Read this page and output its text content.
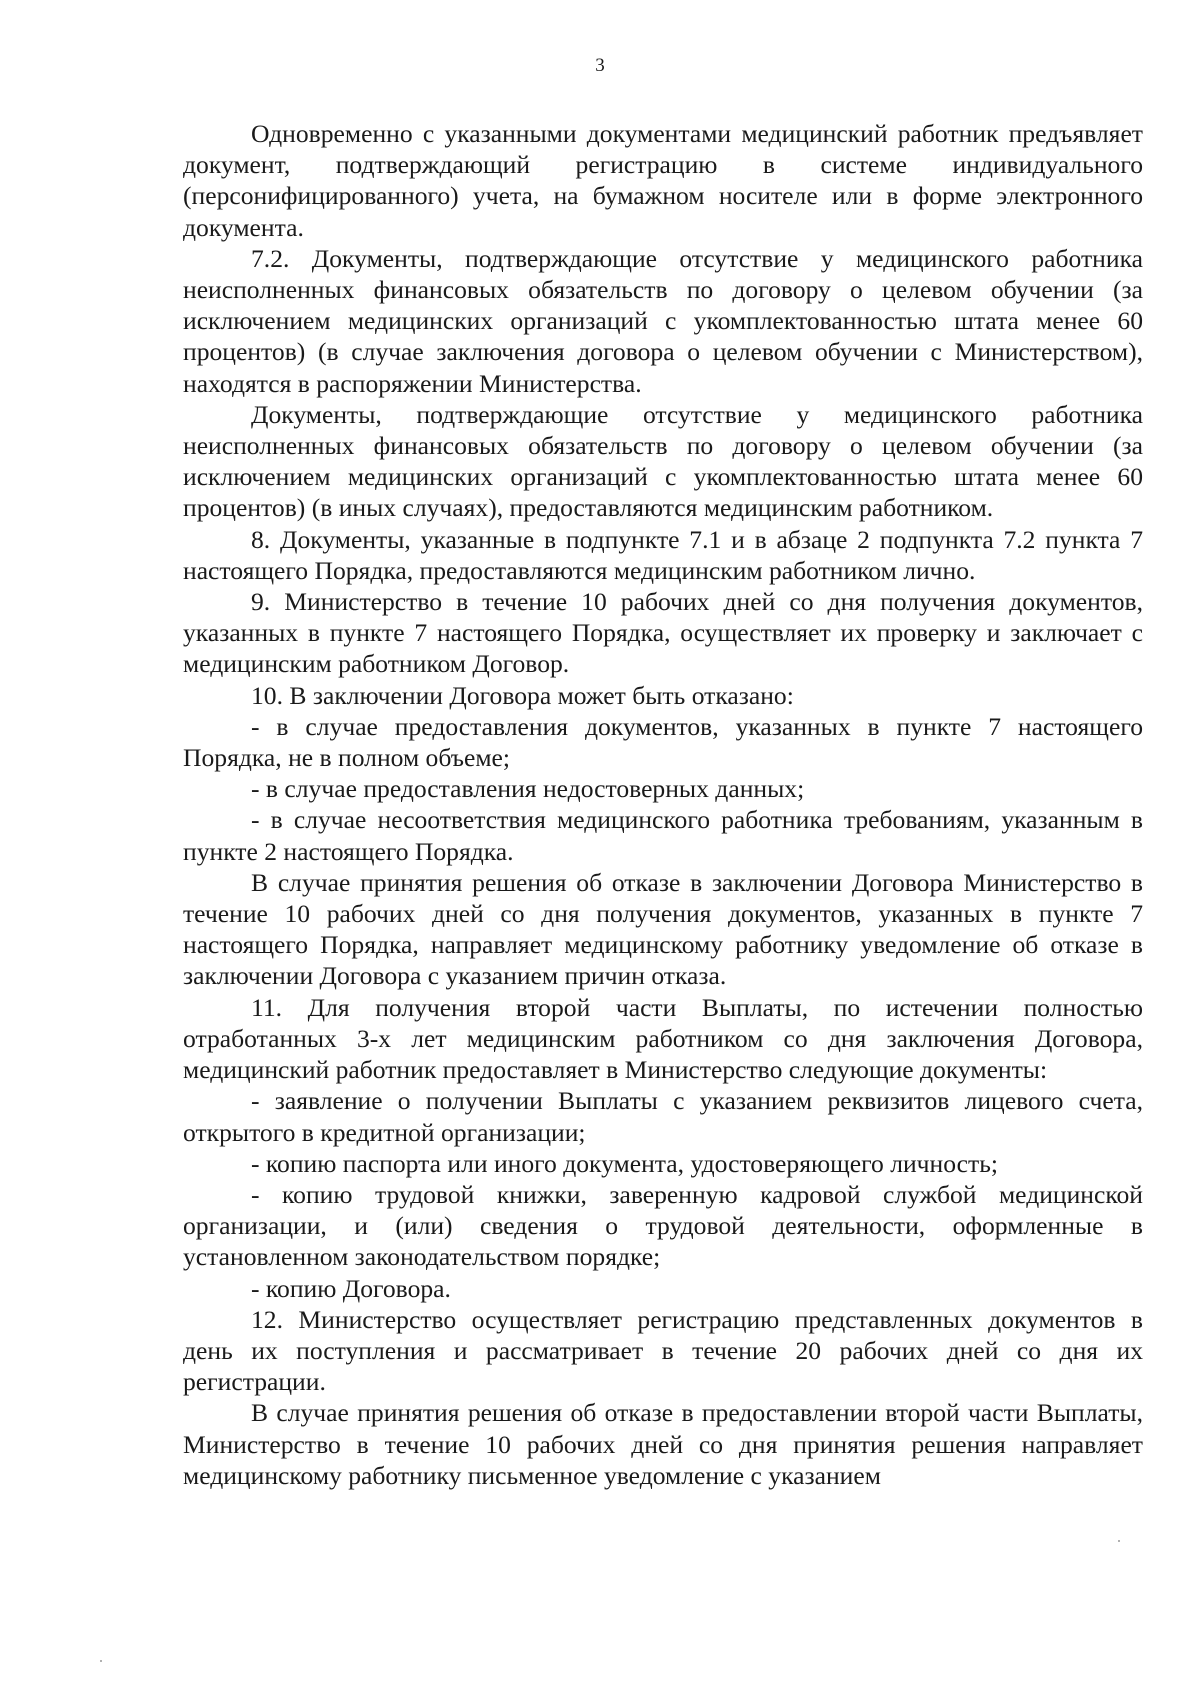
3

Одновременно с указанными документами медицинский работник предъявляет документ, подтверждающий регистрацию в системе индивидуального (персонифицированного) учета, на бумажном носителе или в форме электронного документа.

7.2. Документы, подтверждающие отсутствие у медицинского работника неисполненных финансовых обязательств по договору о целевом обучении (за исключением медицинских организаций с укомплектованностью штата менее 60 процентов) (в случае заключения договора о целевом обучении с Министерством), находятся в распоряжении Министерства.

Документы, подтверждающие отсутствие у медицинского работника неисполненных финансовых обязательств по договору о целевом обучении (за исключением медицинских организаций с укомплектованностью штата менее 60 процентов) (в иных случаях), предоставляются медицинским работником.

8. Документы, указанные в подпункте 7.1 и в абзаце 2 подпункта 7.2 пункта 7 настоящего Порядка, предоставляются медицинским работником лично.

9. Министерство в течение 10 рабочих дней со дня получения документов, указанных в пункте 7 настоящего Порядка, осуществляет их проверку и заключает с медицинским работником Договор.

10. В заключении Договора может быть отказано:

- в случае предоставления документов, указанных в пункте 7 настоящего Порядка, не в полном объеме;

- в случае предоставления недостоверных данных;

- в случае несоответствия медицинского работника требованиям, указанным в пункте 2 настоящего Порядка.

В случае принятия решения об отказе в заключении Договора Министерство в течение 10 рабочих дней со дня получения документов, указанных в пункте 7 настоящего Порядка, направляет медицинскому работнику уведомление об отказе в заключении Договора с указанием причин отказа.

11. Для получения второй части Выплаты, по истечении полностью отработанных 3-х лет медицинским работником со дня заключения Договора, медицинский работник предоставляет в Министерство следующие документы:

- заявление о получении Выплаты с указанием реквизитов лицевого счета, открытого в кредитной организации;

- копию паспорта или иного документа, удостоверяющего личность;

- копию трудовой книжки, заверенную кадровой службой медицинской организации, и (или) сведения о трудовой деятельности, оформленные в установленном законодательством порядке;

- копию Договора.

12. Министерство осуществляет регистрацию представленных документов в день их поступления и рассматривает в течение 20 рабочих дней со дня их регистрации.

В случае принятия решения об отказе в предоставлении второй части Выплаты, Министерство в течение 10 рабочих дней со дня принятия решения направляет медицинскому работнику письменное уведомление с указанием
